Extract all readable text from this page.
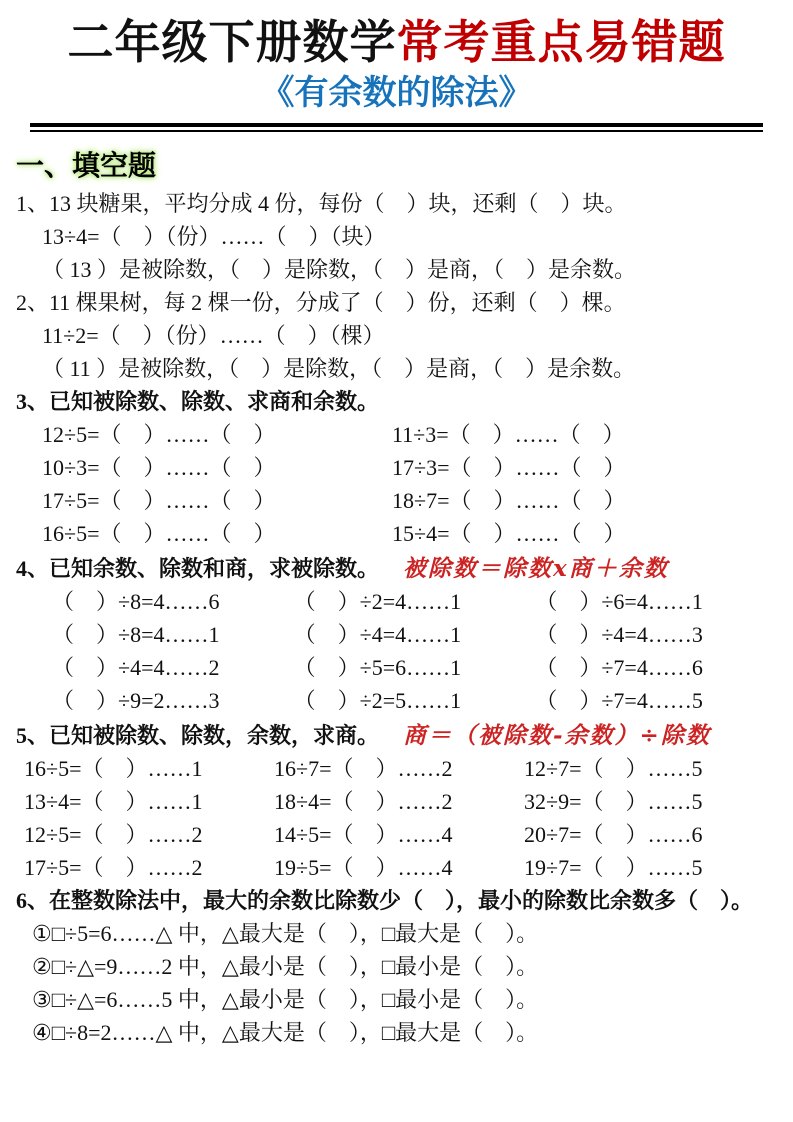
二年级下册数学常考重点易错题
《有余数的除法》
一、填空题
1、13 块糖果，平均分成 4 份，每份（　）块，还剩（　）块。
13÷4=（　）（份）……（　）（块）
（ 13 ）是被除数，（　）是除数，（　）是商，（　）是余数。
2、11 棵果树，每 2 棵一份，分成了（　）份，还剩（　）棵。
11÷2=（　）（份）……（　）（棵）
（ 11 ）是被除数，（　）是除数，（　）是商，（　）是余数。
3、已知被除数、除数、求商和余数。
12÷5=（　）……（　）	11÷3=（　）……（　）
10÷3=（　）……（　）	17÷3=（　）……（　）
17÷5=（　）……（　）	18÷7=（　）……（　）
16÷5=（　）……（　）	15÷4=（　）……（　）
4、已知余数、除数和商，求被除数。	被除数＝除数x商＋余数
（　）÷8=4……6	（　）÷2=4……1	（　）÷6=4……1
（　）÷8=4……1	（　）÷4=4……1	（　）÷4=4……3
（　）÷4=4……2	（　）÷5=6……1	（　）÷7=4……6
（　）÷9=2……3	（　）÷2=5……1	（　）÷7=4……5
5、已知被除数、除数，余数，求商。	商＝（被除数-余数）÷除数
16÷5=（　）……1	16÷7=（　）……2	12÷7=（　）……5
13÷4=（　）……1	18÷4=（　）……2	32÷9=（　）……5
12÷5=（　）……2	14÷5=（　）……4	20÷7=（　）……6
17÷5=（　）……2	19÷5=（　）……4	19÷7=（　）……5
6、在整数除法中，最大的余数比除数少（　），最小的除数比余数多（　）。
①□÷5=6……△ 中，△最大是（　），□最大是（　）。
②□÷△=9……2 中，△最小是（　），□最小是（　）。
③□÷△=6……5 中，△最小是（　），□最小是（　）。
④□÷8=2……△ 中，△最大是（　），□最大是（　）。
